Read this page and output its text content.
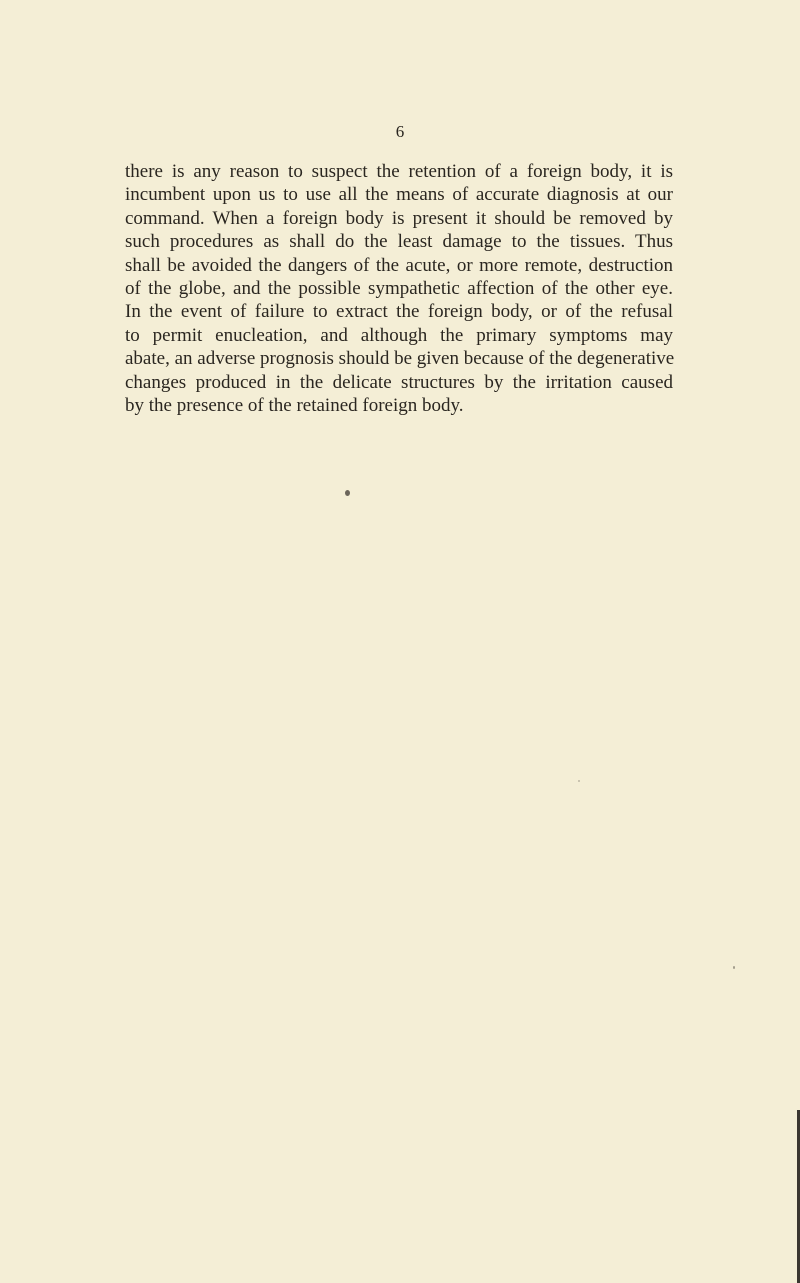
6
there is any reason to suspect the retention of a foreign body, it is
incumbent upon us to use all the means of accurate diagnosis at our
command. When a foreign body is present it should be removed by
such procedures as shall do the least damage to the tissues. Thus
shall be avoided the dangers of the acute, or more remote, destruction
of the globe, and the possible sympathetic affection of the other eye.
In the event of failure to extract the foreign body, or of the refusal
to permit enucleation, and although the primary symptoms may
abate, an adverse prognosis should be given because of the degenerative
changes produced in the delicate structures by the irritation caused
by the presence of the retained foreign body.
